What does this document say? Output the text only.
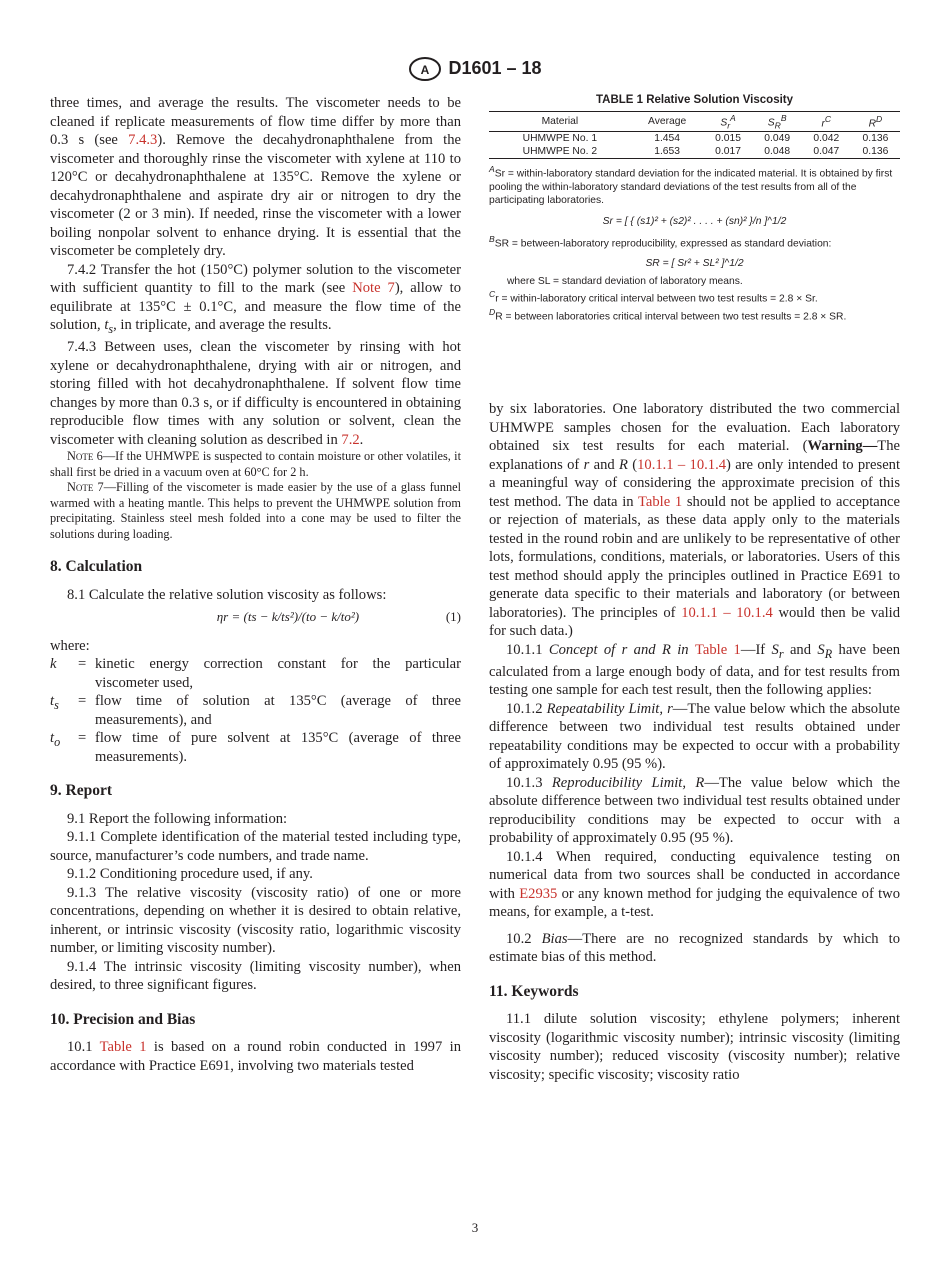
A D1601 – 18

three times, and average the results. The viscometer needs to be cleaned if replicate measurements of flow time differ by more than 0.3 s (see 7.4.3). Remove the decahydronaphthalene from the viscometer and thoroughly rinse the viscometer with xylene at 110 to 120°C or decahydronaphthalene at 135°C. Remove the xylene or decahydronaphthalene and aspirate dry air or nitrogen to dry the viscometer (2 or 3 min). If needed, rinse the viscometer with a lower boiling nonpolar solvent to enhance drying. It is essential that the viscometer be completely dry.

7.4.2 Transfer the hot (150°C) polymer solution to the viscometer with sufficient quantity to fill to the mark (see Note 7), allow to equilibrate at 135°C ± 0.1°C, and measure the flow time of the solution, $t_s$, in triplicate, and average the results.

7.4.3 Between uses, clean the viscometer by rinsing with hot xylene or decahydronaphthalene, drying with air or nitrogen, and storing filled with hot decahydronaphthalene. If solvent flow time changes by more than 0.3 s, or if difficulty is encountered in obtaining reproducible flow times with any solution or solvent, clean the viscometer with cleaning solution as described in 7.2.

Note 6—If the UHMWPE is suspected to contain moisture or other volatiles, it shall first be dried in a vacuum oven at 60°C for 2 h.

Note 7—Filling of the viscometer is made easier by the use of a glass funnel warmed with a heating mantle. This helps to prevent the UHMWPE solution from precipitating. Stainless steel mesh folded into a cone may be used to filter the solutions during loading.

8. Calculation

8.1 Calculate the relative solution viscosity as follows:

ηr = (ts − k/ts²)/(to − k/to²)	(1)

where:

k	= kinetic energy correction constant for the particular viscometer used,
$t_s$	= flow time of solution at 135°C (average of three measurements), and
$t_o$	= flow time of pure solvent at 135°C (average of three measurements).
9. Report

9.1 Report the following information:

9.1.1 Complete identification of the material tested including type, source, manufacturer’s code numbers, and trade name.

9.1.2 Conditioning procedure used, if any.

9.1.3 The relative viscosity (viscosity ratio) of one or more concentrations, depending on whether it is desired to obtain relative, inherent, or intrinsic viscosity (viscosity ratio, logarithmic viscosity number, or limiting viscosity number).

9.1.4 The intrinsic viscosity (limiting viscosity number), when desired, to three significant figures.

10. Precision and Bias

10.1 Table 1 is based on a round robin conducted in 1997 in accordance with Practice E691, involving two materials tested

TABLE 1 Relative Solution Viscosity
Material	Average	$S_r^A$	$S_R^B$	$r^C$	$R^D$
UHMWPE No. 1	1.454	0.015	0.049	0.042	0.136
UHMWPE No. 2	1.653	0.017	0.048	0.047	0.136

$^A$Sr = within-laboratory standard deviation for the indicated material. It is obtained by first pooling the within-laboratory standard deviations of the test results from all of the participating laboratories.

Sr = [ { (s1)² + (s2)² . . . . + (sn)² }/n ]^1/2

$^B$SR = between-laboratory reproducibility, expressed as standard deviation:

SR = [ Sr² + SL² ]^1/2

where SL = standard deviation of laboratory means.

$^C$r = within-laboratory critical interval between two test results = 2.8 × Sr.

$^D$R = between laboratories critical interval between two test results = 2.8 × SR.

by six laboratories. One laboratory distributed the two commercial UHMWPE samples chosen for the evaluation. Each laboratory obtained six test results for each material. (Warning—The explanations of r and R (10.1.1 – 10.1.4) are only intended to present a meaningful way of considering the approximate precision of this test method. The data in Table 1 should not be applied to acceptance or rejection of materials, as these data apply only to the materials tested in the round robin and are unlikely to be representative of other lots, formulations, conditions, materials, or laboratories. Users of this test method should apply the principles outlined in Practice E691 to generate data specific to their materials and laboratory (or between laboratories). The principles of 10.1.1 – 10.1.4 would then be valid for such data.)

10.1.1 Concept of r and R in Table 1—If $S_r$ and $S_R$ have been calculated from a large enough body of data, and for test results from testing one sample for each test result, then the following applies:

10.1.2 Repeatability Limit, r—The value below which the absolute difference between two individual test results obtained under repeatability conditions may be expected to occur with a probability of approximately 0.95 (95 %).

10.1.3 Reproducibility Limit, R—The value below which the absolute difference between two individual test results obtained under reproducibility conditions may be expected to occur with a probability of approximately 0.95 (95 %).

10.1.4 When required, conducting equivalence testing on numerical data from two sources shall be conducted in accordance with E2935 or any known method for judging the equivalence of two means, for example, a t-test.

10.2 Bias—There are no recognized standards by which to estimate bias of this method.

11. Keywords

11.1 dilute solution viscosity; ethylene polymers; inherent viscosity (logarithmic viscosity number); intrinsic viscosity (limiting viscosity number); reduced viscosity (viscosity number); relative viscosity; specific viscosity; viscosity ratio

3
